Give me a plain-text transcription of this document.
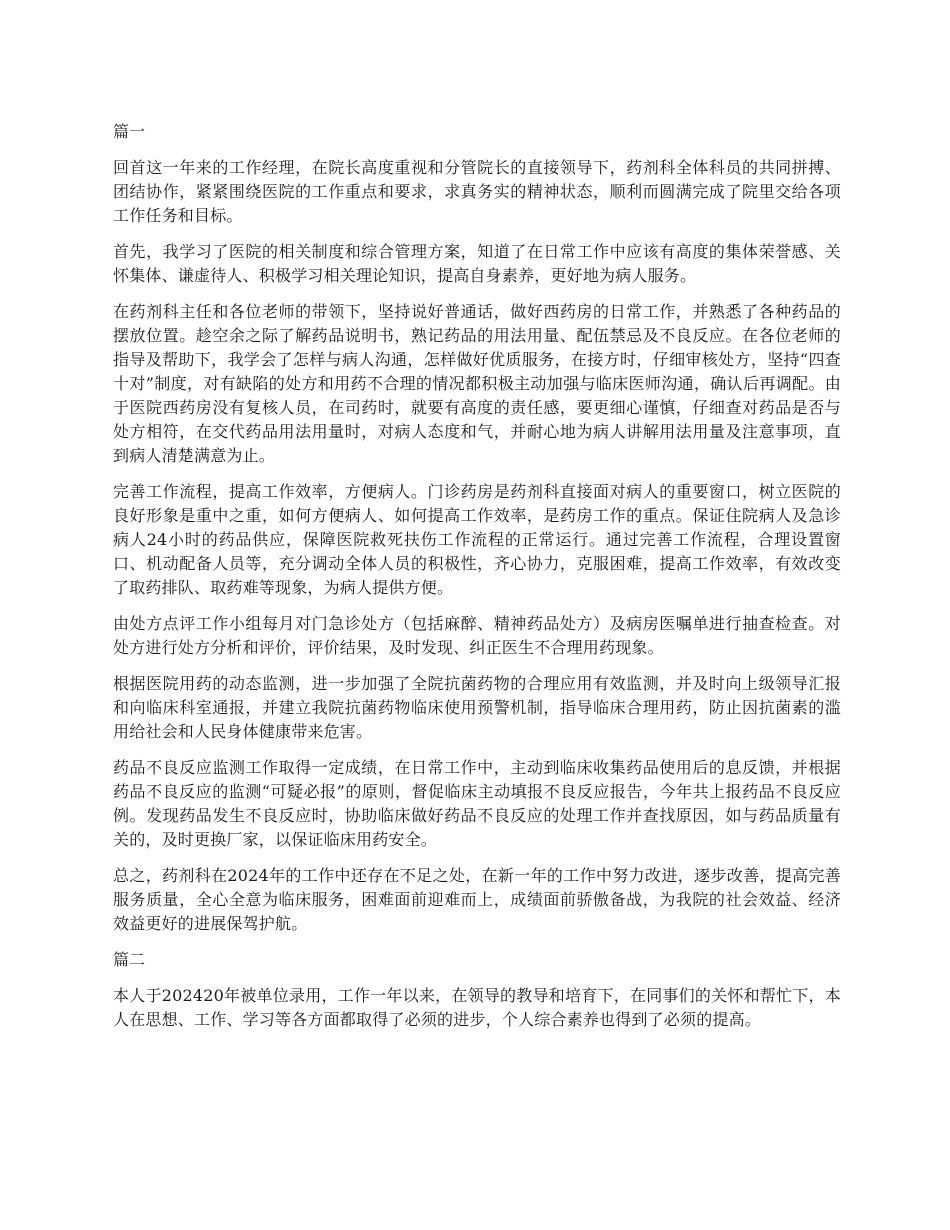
篇一

回首这一年来的工作经理，在院长高度重视和分管院长的直接领导下，药剂科全体科员的共同拼搏、团结协作，紧紧围绕医院的工作重点和要求，求真务实的精神状态，顺利而圆满完成了院里交给各项工作任务和目标。

首先，我学习了医院的相关制度和综合管理方案，知道了在日常工作中应该有高度的集体荣誉感、关怀集体、谦虚待人、积极学习相关理论知识，提高自身素养，更好地为病人服务。

在药剂科主任和各位老师的带领下，坚持说好普通话，做好西药房的日常工作，并熟悉了各种药品的摆放位置。趁空余之际了解药品说明书，熟记药品的用法用量、配伍禁忌及不良反应。在各位老师的指导及帮助下，我学会了怎样与病人沟通，怎样做好优质服务，在接方时，仔细审核处方，坚持“四查十对”制度，对有缺陷的处方和用药不合理的情况都积极主动加强与临床医师沟通，确认后再调配。由于医院西药房没有复核人员，在司药时，就要有高度的责任感，要更细心谨慎，仔细查对药品是否与处方相符，在交代药品用法用量时，对病人态度和气，并耐心地为病人讲解用法用量及注意事项，直到病人清楚满意为止。

完善工作流程，提高工作效率，方便病人。门诊药房是药剂科直接面对病人的重要窗口，树立医院的良好形象是重中之重，如何方便病人、如何提高工作效率，是药房工作的重点。保证住院病人及急诊病人24小时的药品供应，保障医院救死扶伤工作流程的正常运行。通过完善工作流程，合理设置窗口、机动配备人员等，充分调动全体人员的积极性，齐心协力，克服困难，提高工作效率，有效改变了取药排队、取药难等现象，为病人提供方便。

由处方点评工作小组每月对门急诊处方（包括麻醉、精神药品处方）及病房医嘱单进行抽查检查。对处方进行处方分析和评价，评价结果，及时发现、纠正医生不合理用药现象。

根据医院用药的动态监测，进一步加强了全院抗菌药物的合理应用有效监测，并及时向上级领导汇报和向临床科室通报，并建立我院抗菌药物临床使用预警机制，指导临床合理用药，防止因抗菌素的滥用给社会和人民身体健康带来危害。

药品不良反应监测工作取得一定成绩，在日常工作中，主动到临床收集药品使用后的息反馈，并根据药品不良反应的监测“可疑必报”的原则，督促临床主动填报不良反应报告，今年共上报药品不良反应例。发现药品发生不良反应时，协助临床做好药品不良反应的处理工作并查找原因，如与药品质量有关的，及时更换厂家，以保证临床用药安全。

总之，药剂科在2024年的工作中还存在不足之处，在新一年的工作中努力改进，逐步改善，提高完善服务质量，全心全意为临床服务，困难面前迎难而上，成绩面前骄傲备战，为我院的社会效益、经济效益更好的进展保驾护航。

篇二

本人于202420年被单位录用，工作一年以来，在领导的教导和培育下，在同事们的关怀和帮忙下，本人在思想、工作、学习等各方面都取得了必须的进步，个人综合素养也得到了必须的提高。
